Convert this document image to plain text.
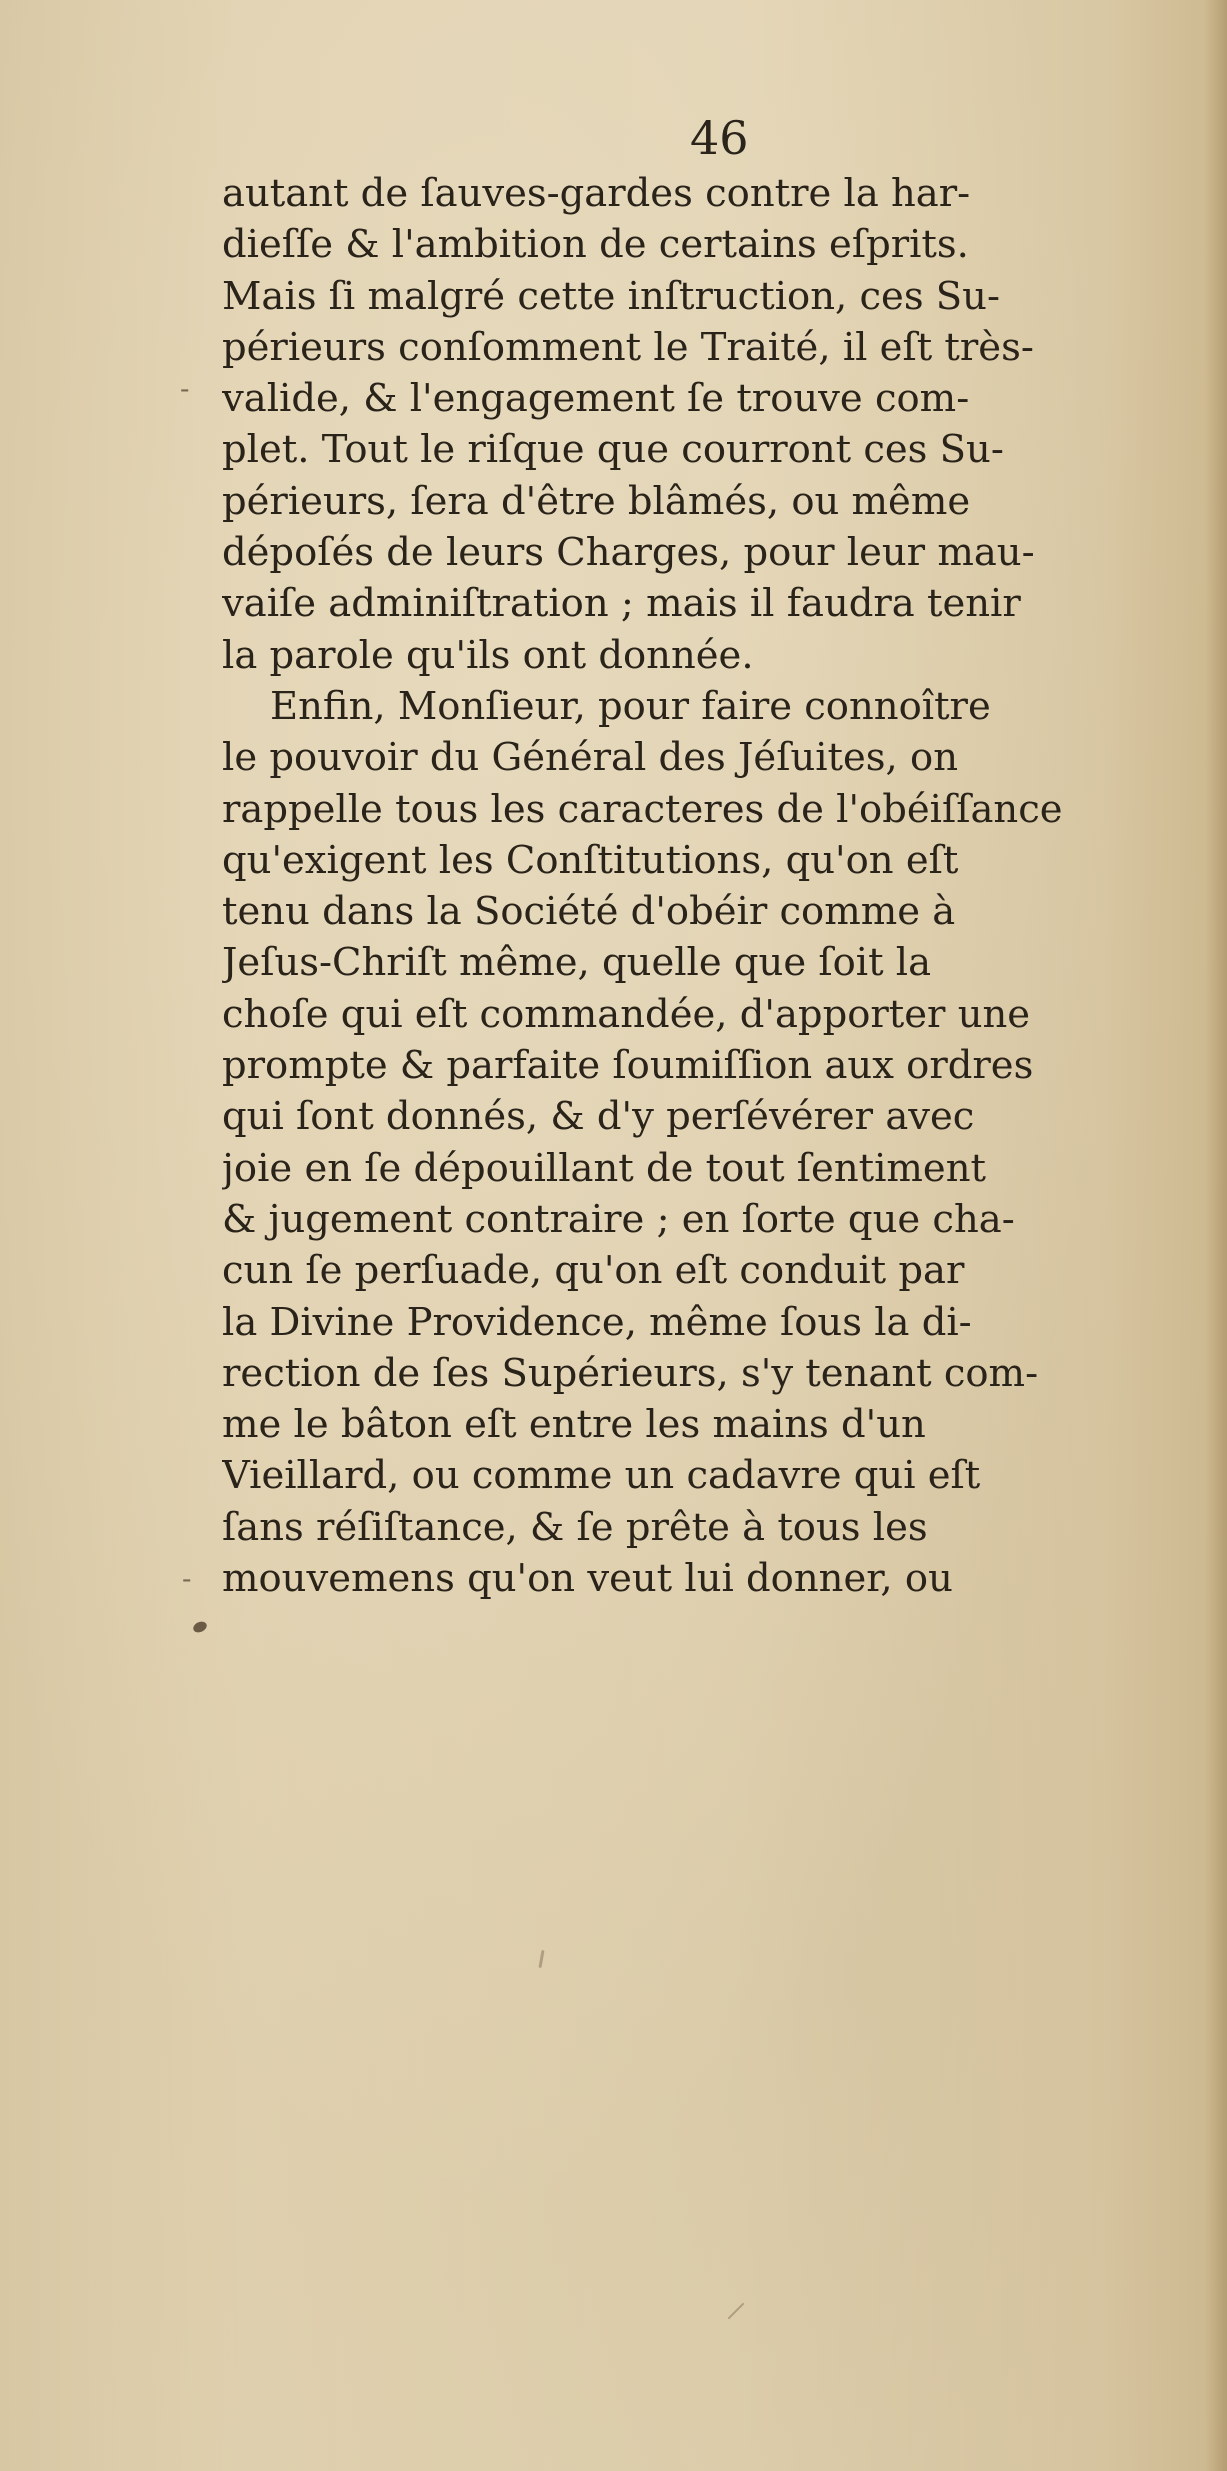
46
-
-
autant de ſauves-gardes contre la har-
dieſſe & l'ambition de certains eſprits.
Mais ſi malgré cette inſtruction, ces Su-
périeurs conſomment le Traité, il eſt très-
valide, & l'engagement ſe trouve com-
plet. Tout le riſque que courront ces Su-
périeurs, ſera d'être blâmés, ou même
dépoſés de leurs Charges, pour leur mau-
vaiſe adminiſtration ; mais il faudra tenir
la parole qu'ils ont donnée.
Enfin, Monſieur, pour faire connoître
le pouvoir du Général des Jéſuites, on
rappelle tous les caracteres de l'obéiſſance
qu'exigent les Conſtitutions, qu'on eſt
tenu dans la Société d'obéir comme à
Jeſus-Chriſt même, quelle que ſoit la
choſe qui eſt commandée, d'apporter une
prompte & parfaite ſoumiſſion aux ordres
qui ſont donnés, & d'y perſévérer avec
joie en ſe dépouillant de tout ſentiment
& jugement contraire ; en ſorte que cha-
cun ſe perſuade, qu'on eſt conduit par
la Divine Providence, même ſous la di-
rection de ſes Supérieurs, s'y tenant com-
me le bâton eſt entre les mains d'un
Vieillard, ou comme un cadavre qui eſt
ſans réſiſtance, & ſe prête à tous les
mouvemens qu'on veut lui donner, ou
